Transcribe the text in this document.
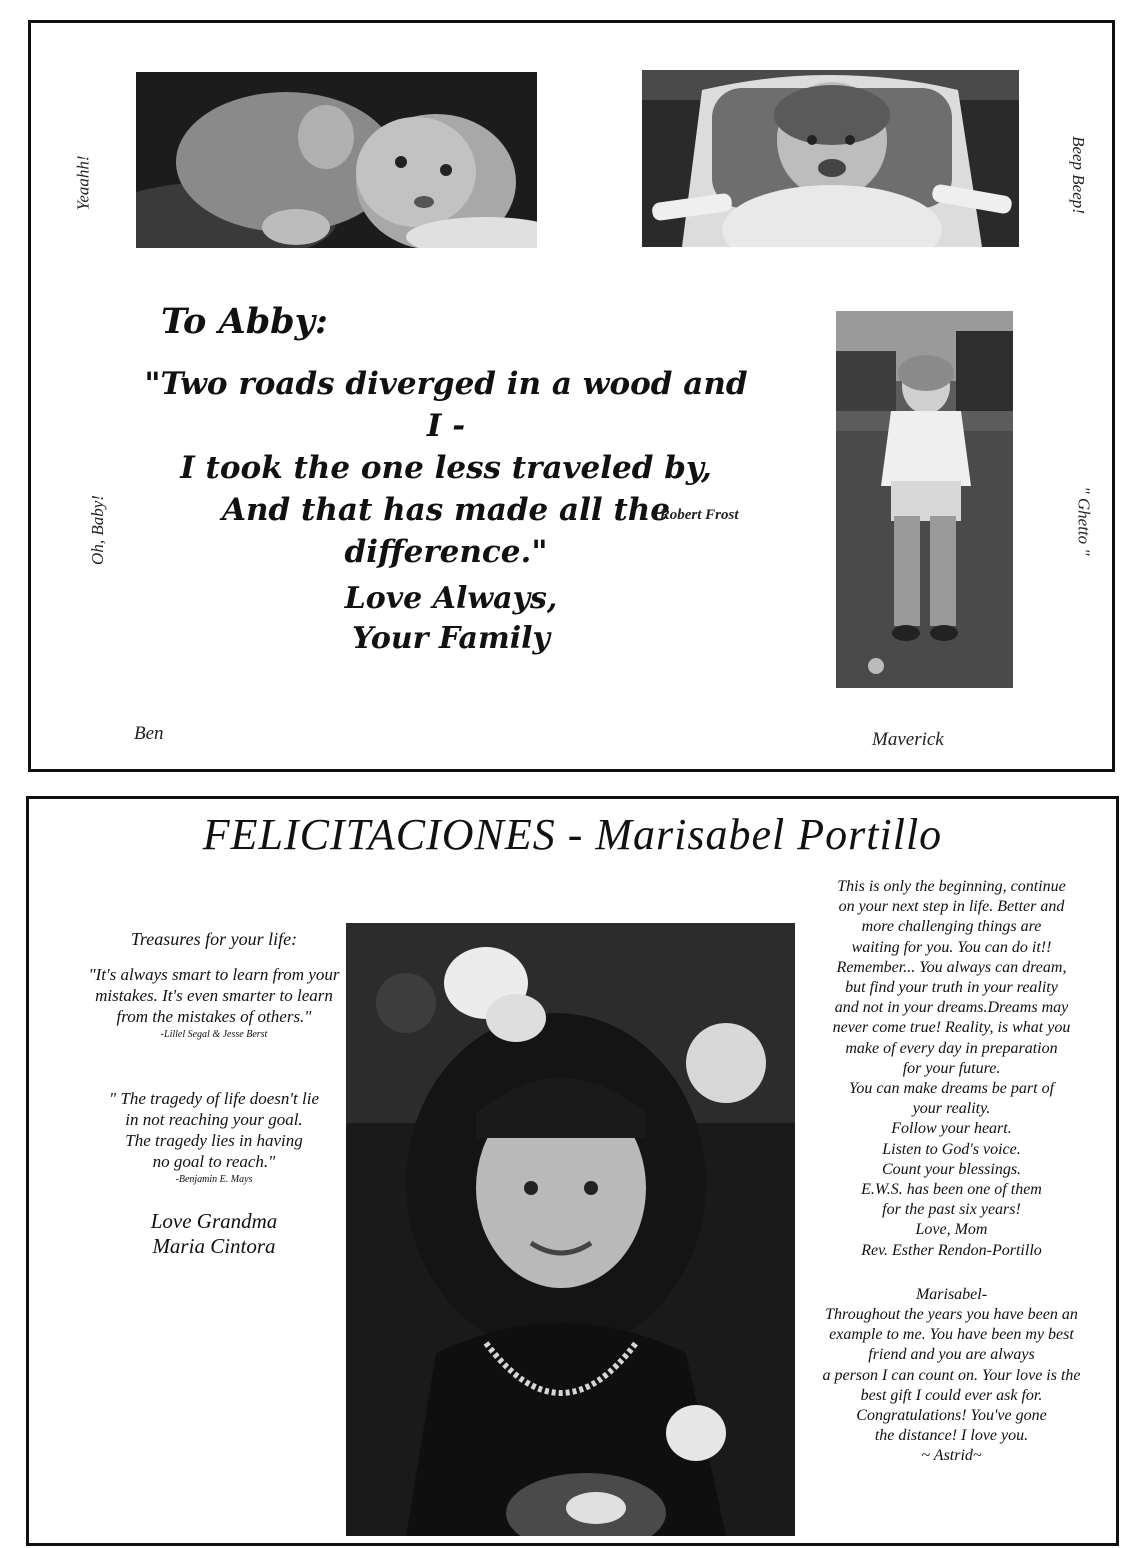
Yeaahh!	Beep Beep!
Oh, Baby!	" Ghetto "
To Abby:
"Two roads diverged in a wood and I -
I took the one less traveled by,
And that has made all the difference."
- Robert Frost
Love Always,
Your Family
Ben	Maverick
FELICITACIONES - Marisabel Portillo
Treasures for your life:
"It's always smart to learn from your
mistakes. It's even smarter to learn
from the mistakes of others."
-Lillel Segal & Jesse Berst
" The tragedy of life doesn't lie
in not reaching your goal.
The tragedy lies in having
no goal to reach."
-Benjamin E. Mays
Love Grandma
Maria Cintora
This is only the beginning, continue
on your next step in life. Better and
more challenging things are
waiting for you. You can do it!!
Remember... You always can dream,
but find your truth in your reality
and not in your dreams.Dreams may
never come true! Reality, is what you
make of every day in preparation
for your future.
You can make dreams be part of
your reality.
Follow your heart.
Listen to God's voice.
Count your blessings.
E.W.S. has been one of them
for the past six years!
Love, Mom
Rev. Esther Rendon-Portillo
Marisabel-
Throughout the years you have been an
example to me. You have been my best
friend and you are always
a person I can count on. Your love is the
best gift I could ever ask for.
Congratulations! You've gone
the distance! I love you.
~ Astrid~
